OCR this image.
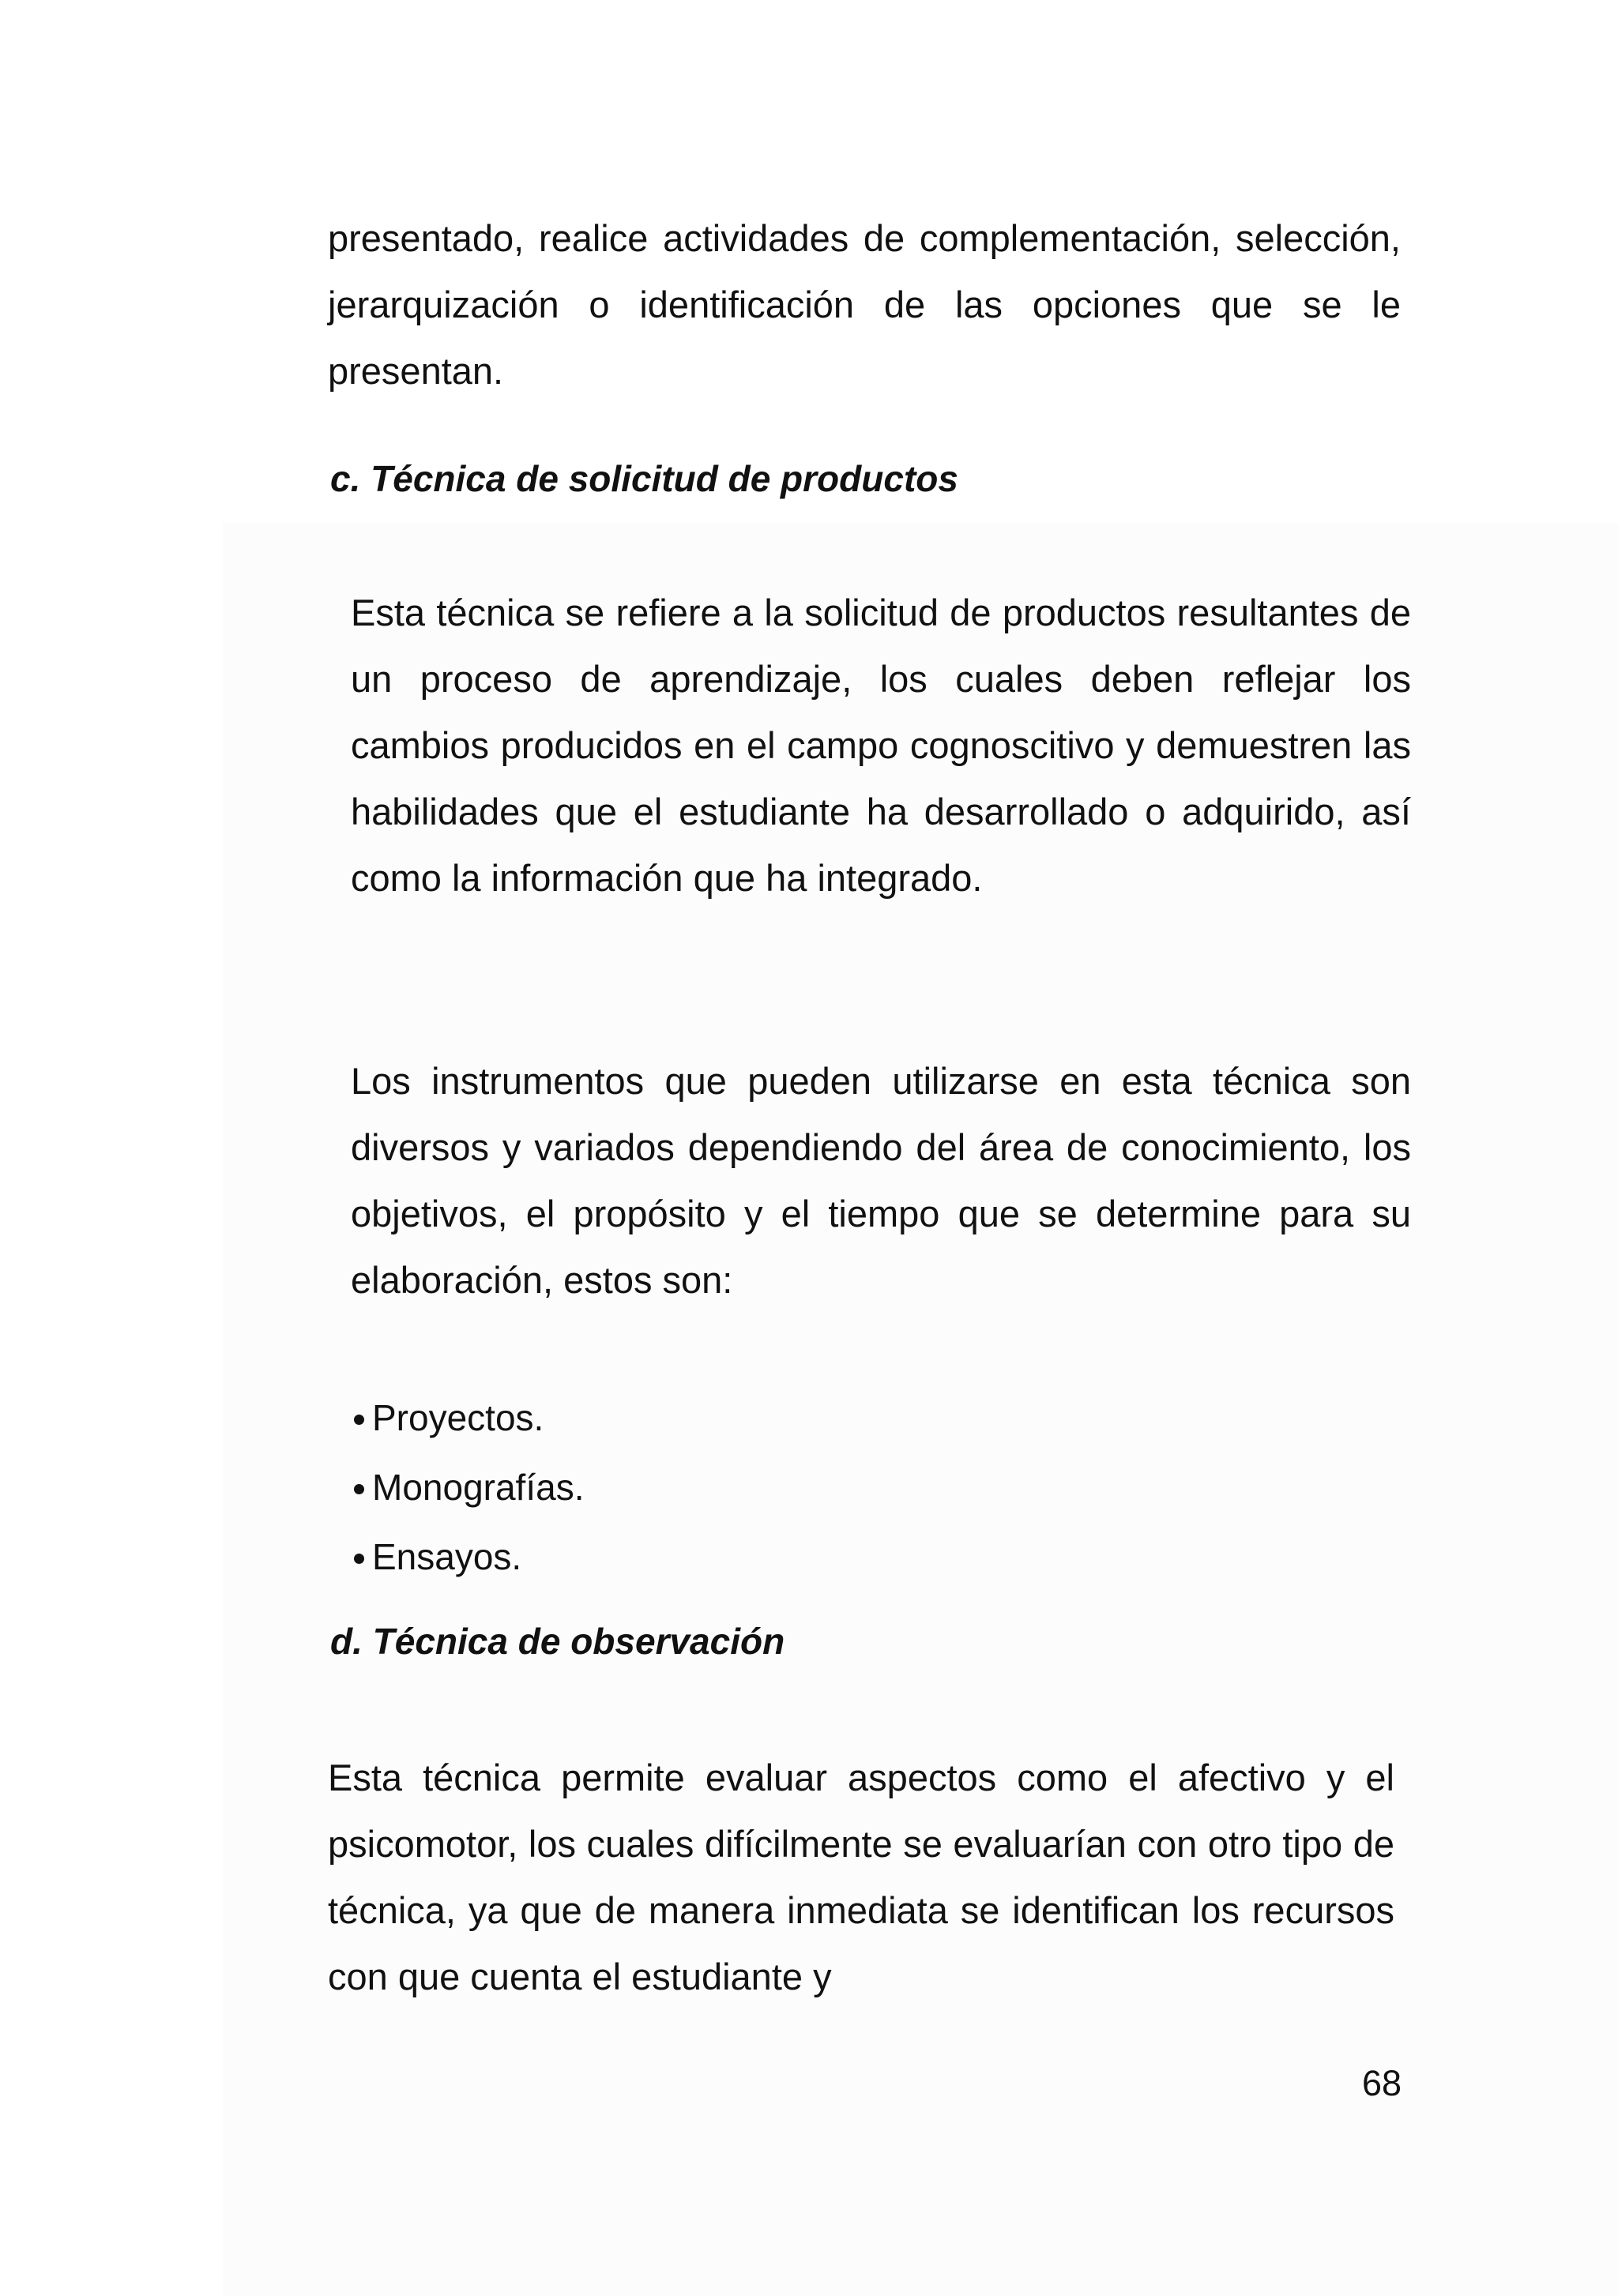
presentado, realice actividades de complementación, selección, jerarquización o identificación de las opciones que se le presentan.

c. Técnica de solicitud de productos

Esta técnica se refiere a la solicitud de productos resultantes de un proceso de aprendizaje, los cuales deben reflejar los cambios producidos en el campo cognoscitivo y demuestren las habilidades que el estudiante ha desarrollado o adquirido, así como la información que ha integrado.

Los instrumentos que pueden utilizarse en esta técnica son diversos y variados dependiendo del área de conocimiento, los objetivos, el propósito y el tiempo que se determine para su elaboración, estos son:

Proyectos.
Monografías.
Ensayos.
d. Técnica de observación

Esta técnica permite evaluar aspectos como el afectivo y el psicomotor, los cuales difícilmente se evaluarían con otro tipo de técnica, ya que de manera inmediata se identifican los recursos con que cuenta el estudiante y

68
